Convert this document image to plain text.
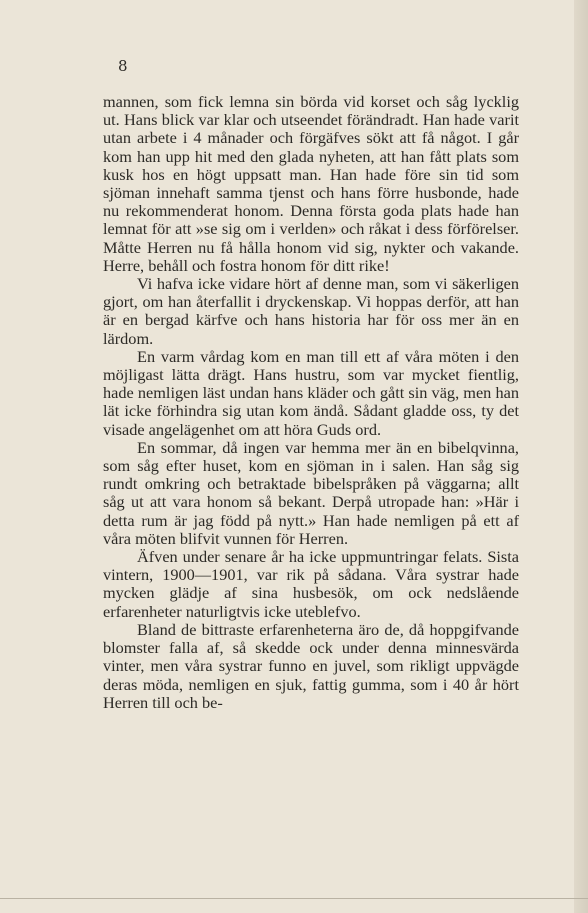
8

mannen, som fick lemna sin börda vid korset och såg lycklig ut. Hans blick var klar och utseendet förändradt. Han hade varit utan arbete i 4 månader och förgäfves sökt att få något. I går kom han upp hit med den glada nyheten, att han fått plats som kusk hos en högt uppsatt man. Han hade före sin tid som sjöman innehaft samma tjenst och hans förre husbonde, hade nu rekommenderat honom. Denna första goda plats hade han lemnat för att »se sig om i verlden» och råkat i dess förförelser. Måtte Herren nu få hålla honom vid sig, nykter och vakande. Herre, behåll och fostra honom för ditt rike!

Vi hafva icke vidare hört af denne man, som vi säkerligen gjort, om han återfallit i dryckenskap. Vi hoppas derför, att han är en bergad kärfve och hans historia har för oss mer än en lärdom.

En varm vårdag kom en man till ett af våra möten i den möjligast lätta drägt. Hans hustru, som var mycket fientlig, hade nemligen läst undan hans kläder och gått sin väg, men han lät icke förhindra sig utan kom ändå. Sådant gladde oss, ty det visade angelägenhet om att höra Guds ord.

En sommar, då ingen var hemma mer än en bibelqvinna, som såg efter huset, kom en sjöman in i salen. Han såg sig rundt omkring och betraktade bibelspråken på väggarna; allt såg ut att vara honom så bekant. Derpå utropade han: »Här i detta rum är jag född på nytt.» Han hade nemligen på ett af våra möten blifvit vunnen för Herren.

Äfven under senare år ha icke uppmuntringar felats. Sista vintern, 1900—1901, var rik på sådana. Våra systrar hade mycken glädje af sina husbesök, om ock nedslående erfarenheter naturligtvis icke uteblefvo.

Bland de bittraste erfarenheterna äro de, då hoppgifvande blomster falla af, så skedde ock under denna minnesvärda vinter, men våra systrar funno en juvel, som rikligt uppvägde deras möda, nemligen en sjuk, fattig gumma, som i 40 år hört Herren till och be-
